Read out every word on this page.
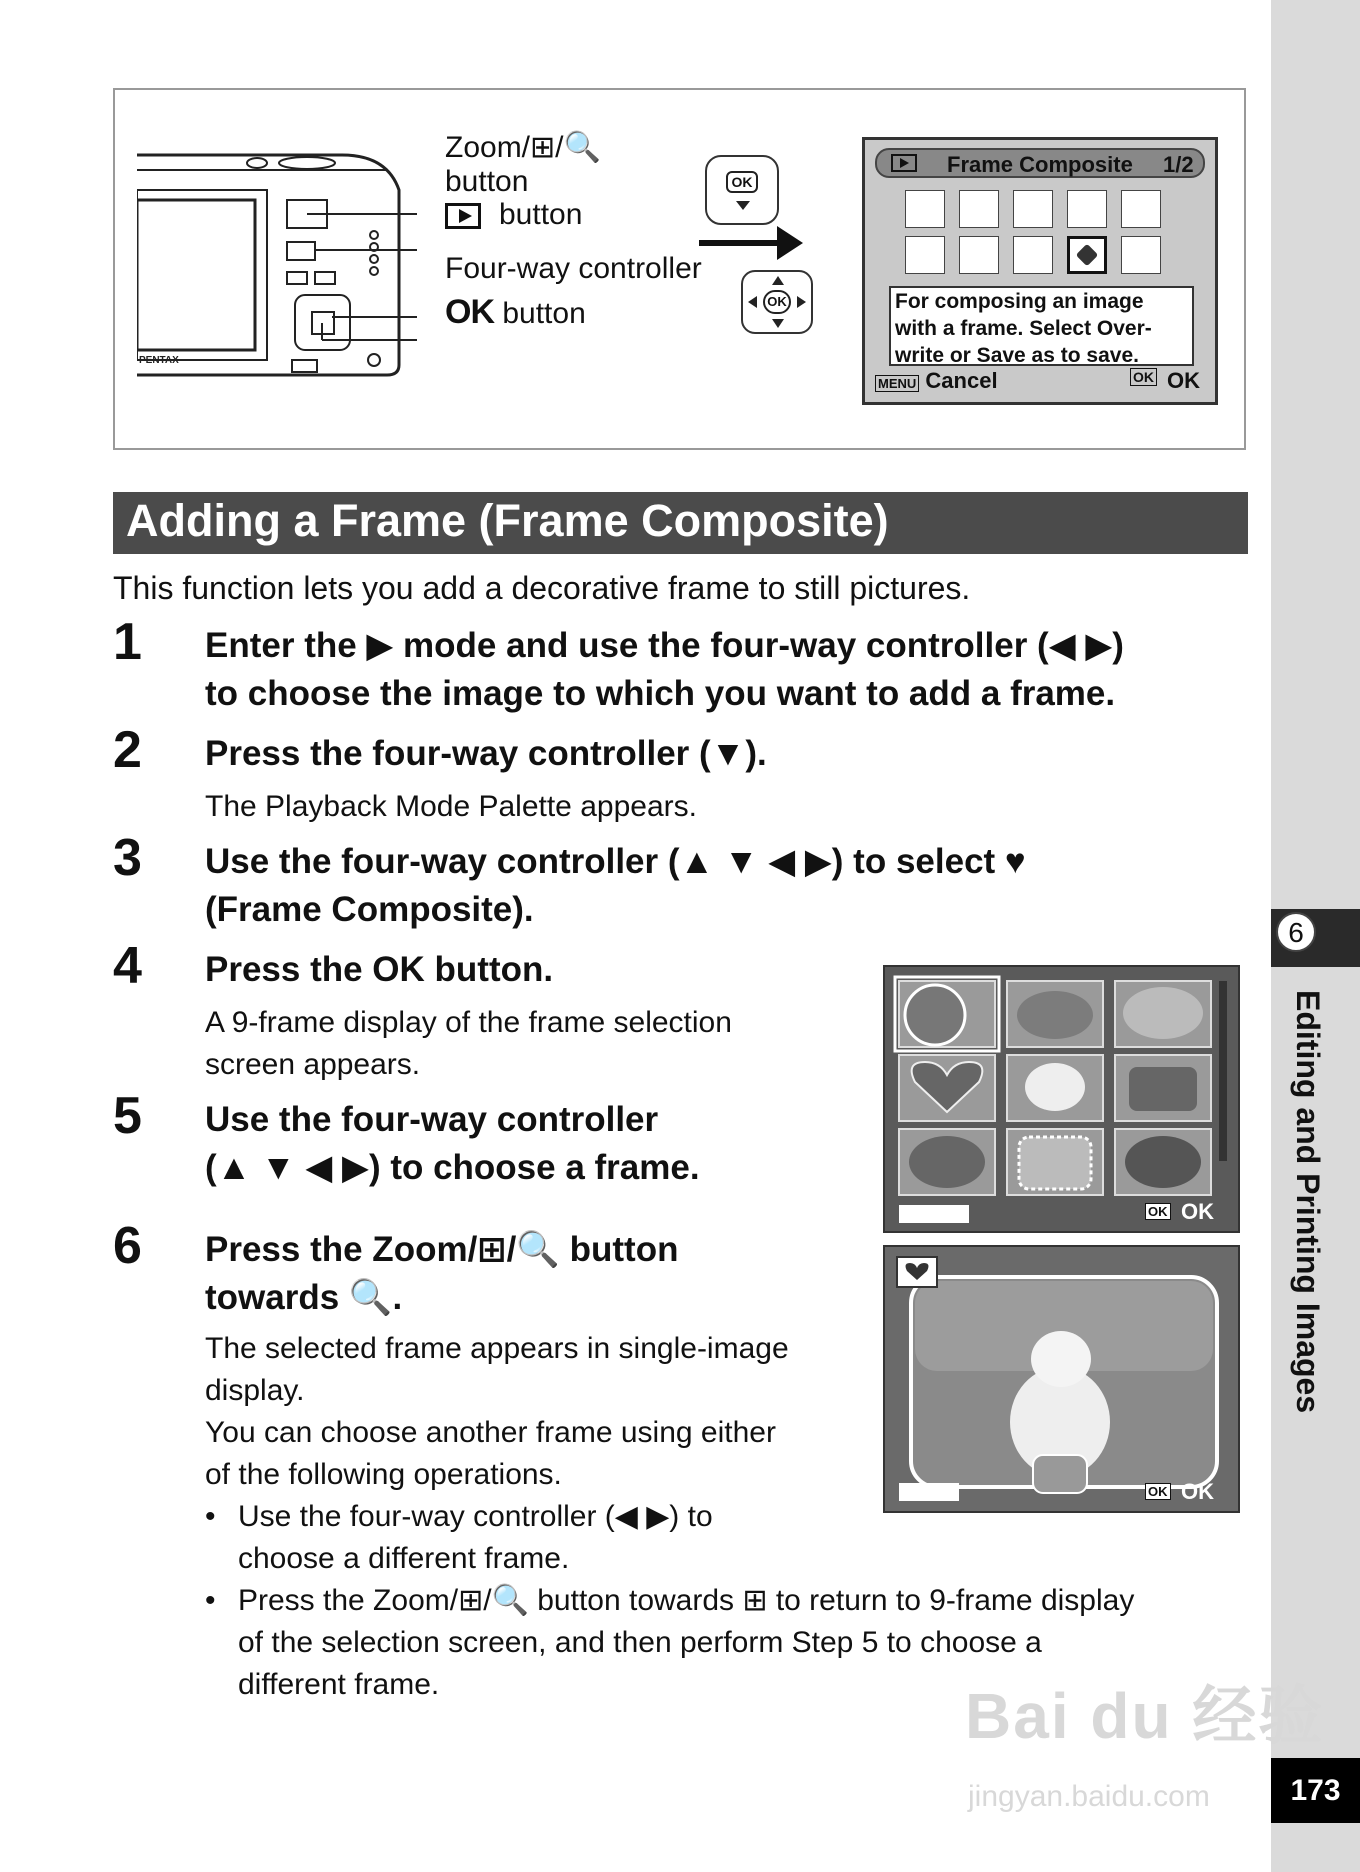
6
Editing and Printing Images
173
PENTAX
Zoom/⊞/🔍
button
button
Four-way controller
OK button
OK
OK
Frame Composite 1/2
For composing an image
with a frame. Select Over-
write or Save as to save.
MENU Cancel	OK OK
Adding a Frame (Frame Composite)
This function lets you add a decorative frame to still pictures.
1 Enter the ▶ mode and use the four-way controller (◀ ▶)
to choose the image to which you want to add a frame.
2 Press the four-way controller (▼).
The Playback Mode Palette appears.
3 Use the four-way controller (▲ ▼ ◀ ▶) to select ♥
(Frame Composite).
4 Press the OK button.
A 9-frame display of the frame selection
screen appears.
5 Use the four-way controller
(▲ ▼ ◀ ▶) to choose a frame.
6 Press the Zoom/⊞/🔍 button
towards 🔍.
The selected frame appears in single-image
display.
You can choose another frame using either
of the following operations.
• Use the four-way controller (◀ ▶) to
choose a different frame.
• Press the Zoom/⊞/🔍 button towards ⊞ to return to 9-frame display
of the selection screen, and then perform Step 5 to choose a
different frame.
OK OK
OK OK
Bai du 经验
jingyan.baidu.com
